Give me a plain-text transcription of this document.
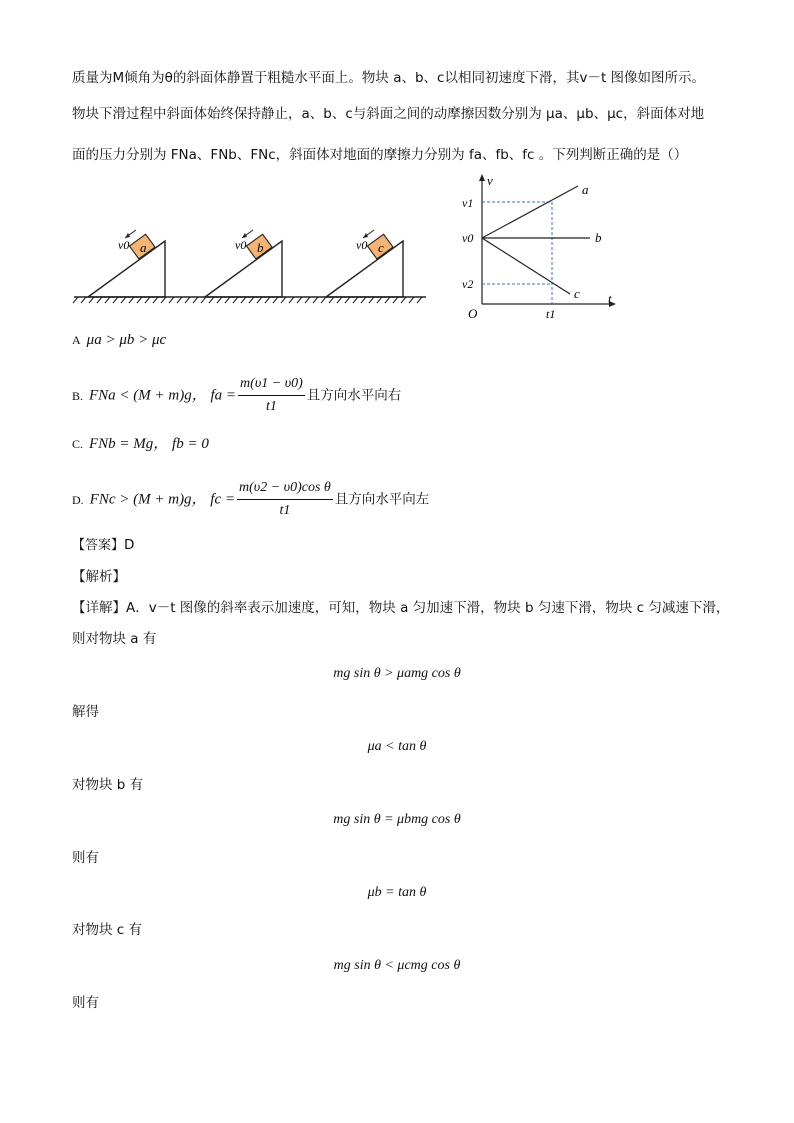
质量为M倾角为θ的斜面体静置于粗糙水平面上。物块 a、b、c以相同初速度下滑，其v－t 图像如图所示。
物块下滑过程中斜面体始终保持静止，a、b、c与斜面之间的动摩擦因数分别为 μa、μb、μc，斜面体对地
面的压力分别为 FNa、FNb、FNc，斜面体对地面的摩擦力分别为 fa、fb、fc 。下列判断正确的是（）
a
v0	b
v0	c
v0
v
t
O
a
b
c
v1
v0
v2
t1
A μa > μb > μc
B. FNa < (M + m)g， fa = $\frac{m(\upsilon 1 - \upsilon 0)}{t1}$ 且方向水平向右
C. FNb = Mg， fb = 0
D. FNc > (M + m)g， fc = $\frac{\text{m(υ2 − υ0)cos θ}}{t1}$ 且方向水平向左
【答案】D
【解析】
【详解】A．v－t 图像的斜率表示加速度，可知，物块 a 匀加速下滑，物块 b 匀速下滑，物块 c 匀减速下滑，
则对物块 a 有
mg sin θ > μamg cos θ
解得
μa < tan θ
对物块 b 有
mg sin θ = μbmg cos θ
则有
μb = tan θ
对物块 c 有
mg sin θ < μcmg cos θ
则有
